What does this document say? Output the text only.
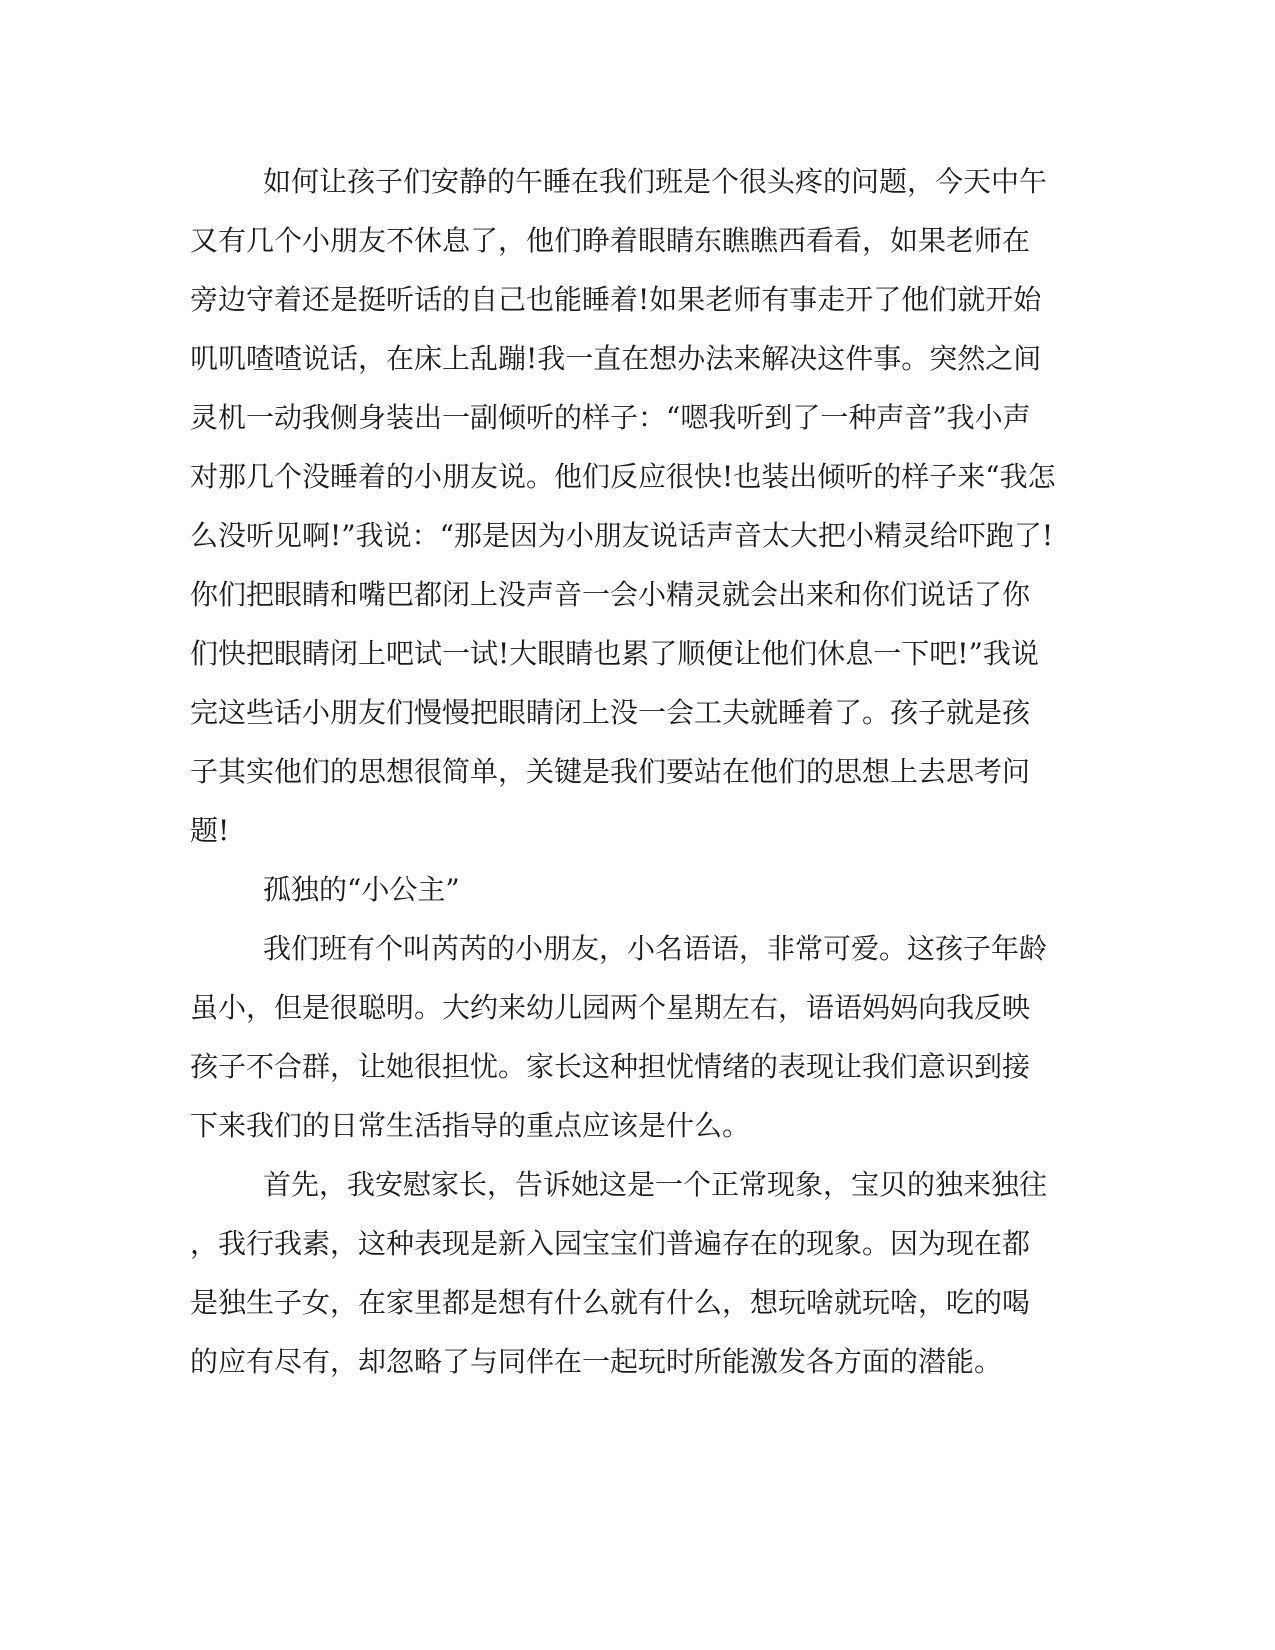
如何让孩子们安静的午睡在我们班是个很头疼的问题，今天中午
又有几个小朋友不休息了，他们睁着眼睛东瞧瞧西看看，如果老师在
旁边守着还是挺听话的自己也能睡着!如果老师有事走开了他们就开始
叽叽喳喳说话，在床上乱蹦!我一直在想办法来解决这件事。突然之间
灵机一动我侧身装出一副倾听的样子：“嗯我听到了一种声音”我小声
对那几个没睡着的小朋友说。他们反应很快!也装出倾听的样子来“我怎
么没听见啊!”我说：“那是因为小朋友说话声音太大把小精灵给吓跑了!
你们把眼睛和嘴巴都闭上没声音一会小精灵就会出来和你们说话了你
们快把眼睛闭上吧试一试!大眼睛也累了顺便让他们休息一下吧!”我说
完这些话小朋友们慢慢把眼睛闭上没一会工夫就睡着了。孩子就是孩
子其实他们的思想很简单，关键是我们要站在他们的思想上去思考问
题!
孤独的“小公主”
我们班有个叫芮芮的小朋友，小名语语，非常可爱。这孩子年龄
虽小，但是很聪明。大约来幼儿园两个星期左右，语语妈妈向我反映
孩子不合群，让她很担忧。家长这种担忧情绪的表现让我们意识到接
下来我们的日常生活指导的重点应该是什么。
首先，我安慰家长，告诉她这是一个正常现象，宝贝的独来独往
，我行我素，这种表现是新入园宝宝们普遍存在的现象。因为现在都
是独生子女，在家里都是想有什么就有什么，想玩啥就玩啥，吃的喝
的应有尽有，却忽略了与同伴在一起玩时所能激发各方面的潜能。
